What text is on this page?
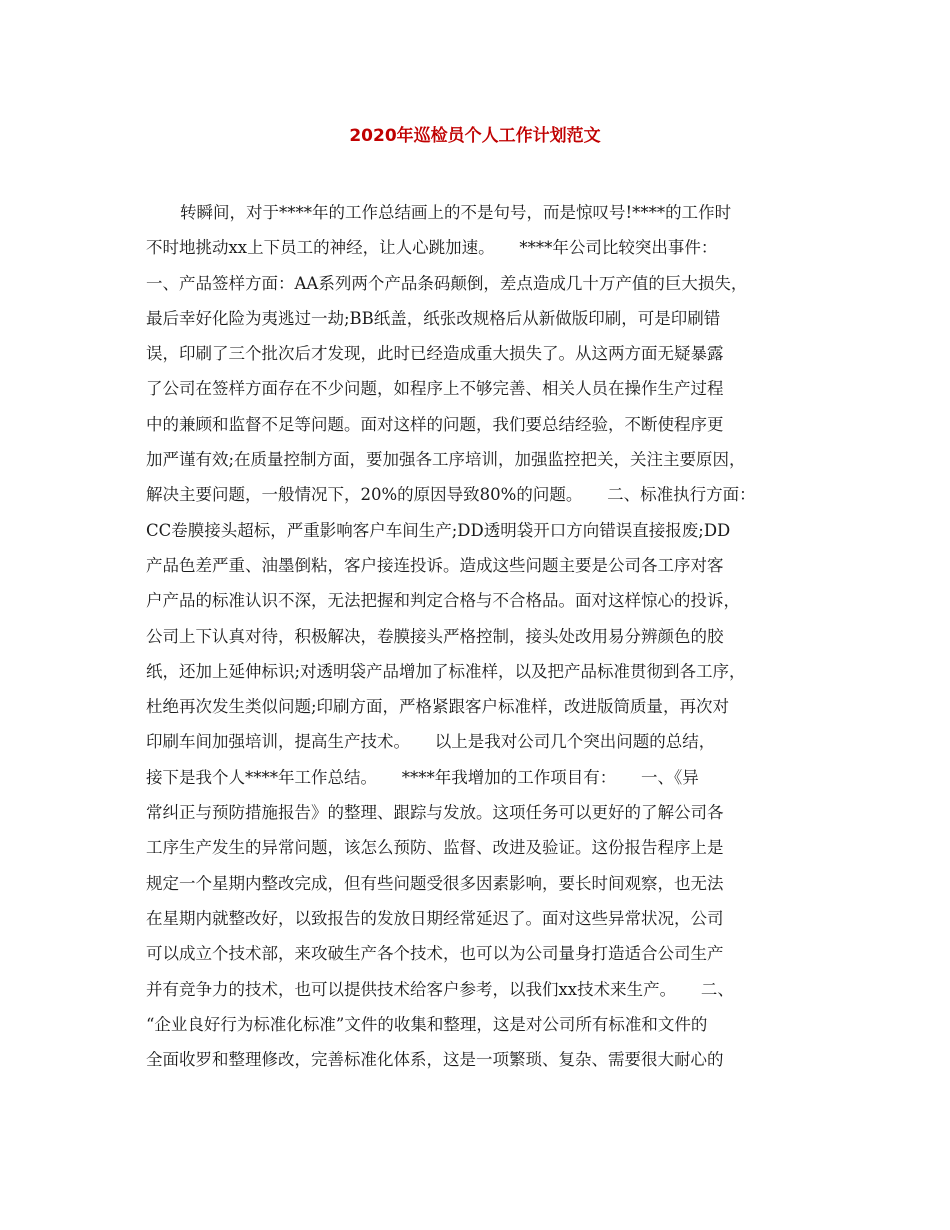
2020年巡检员个人工作计划范文
转瞬间，对于****年的工作总结画上的不是句号，而是惊叹号!****的工作时
不时地挑动xx上下员工的神经，让人心跳加速。　　****年公司比较突出事件：
一、产品签样方面：AA系列两个产品条码颠倒，差点造成几十万产值的巨大损失，
最后幸好化险为夷逃过一劫;BB纸盖，纸张改规格后从新做版印刷，可是印刷错
误，印刷了三个批次后才发现，此时已经造成重大损失了。从这两方面无疑暴露
了公司在签样方面存在不少问题，如程序上不够完善、相关人员在操作生产过程
中的兼顾和监督不足等问题。面对这样的问题，我们要总结经验，不断使程序更
加严谨有效;在质量控制方面，要加强各工序培训，加强监控把关，关注主要原因，
解决主要问题，一般情况下，20%的原因导致80%的问题。　　二、标准执行方面：
CC卷膜接头超标，严重影响客户车间生产;DD透明袋开口方向错误直接报废;DD
产品色差严重、油墨倒粘，客户接连投诉。造成这些问题主要是公司各工序对客
户产品的标准认识不深，无法把握和判定合格与不合格品。面对这样惊心的投诉，
公司上下认真对待，积极解决，卷膜接头严格控制，接头处改用易分辨颜色的胶
纸，还加上延伸标识;对透明袋产品增加了标准样，以及把产品标准贯彻到各工序，
杜绝再次发生类似问题;印刷方面，严格紧跟客户标准样，改进版筒质量，再次对
印刷车间加强培训，提高生产技术。　　以上是我对公司几个突出问题的总结，
接下是我个人****年工作总结。　　****年我增加的工作项目有：　　一、《异
常纠正与预防措施报告》的整理、跟踪与发放。这项任务可以更好的了解公司各
工序生产发生的异常问题，该怎么预防、监督、改进及验证。这份报告程序上是
规定一个星期内整改完成，但有些问题受很多因素影响，要长时间观察，也无法
在星期内就整改好，以致报告的发放日期经常延迟了。面对这些异常状况，公司
可以成立个技术部，来攻破生产各个技术，也可以为公司量身打造适合公司生产
并有竞争力的技术，也可以提供技术给客户参考，以我们xx技术来生产。　　二、
“企业良好行为标准化标准”文件的收集和整理，这是对公司所有标准和文件的
全面收罗和整理修改，完善标准化体系，这是一项繁琐、复杂、需要很大耐心的
